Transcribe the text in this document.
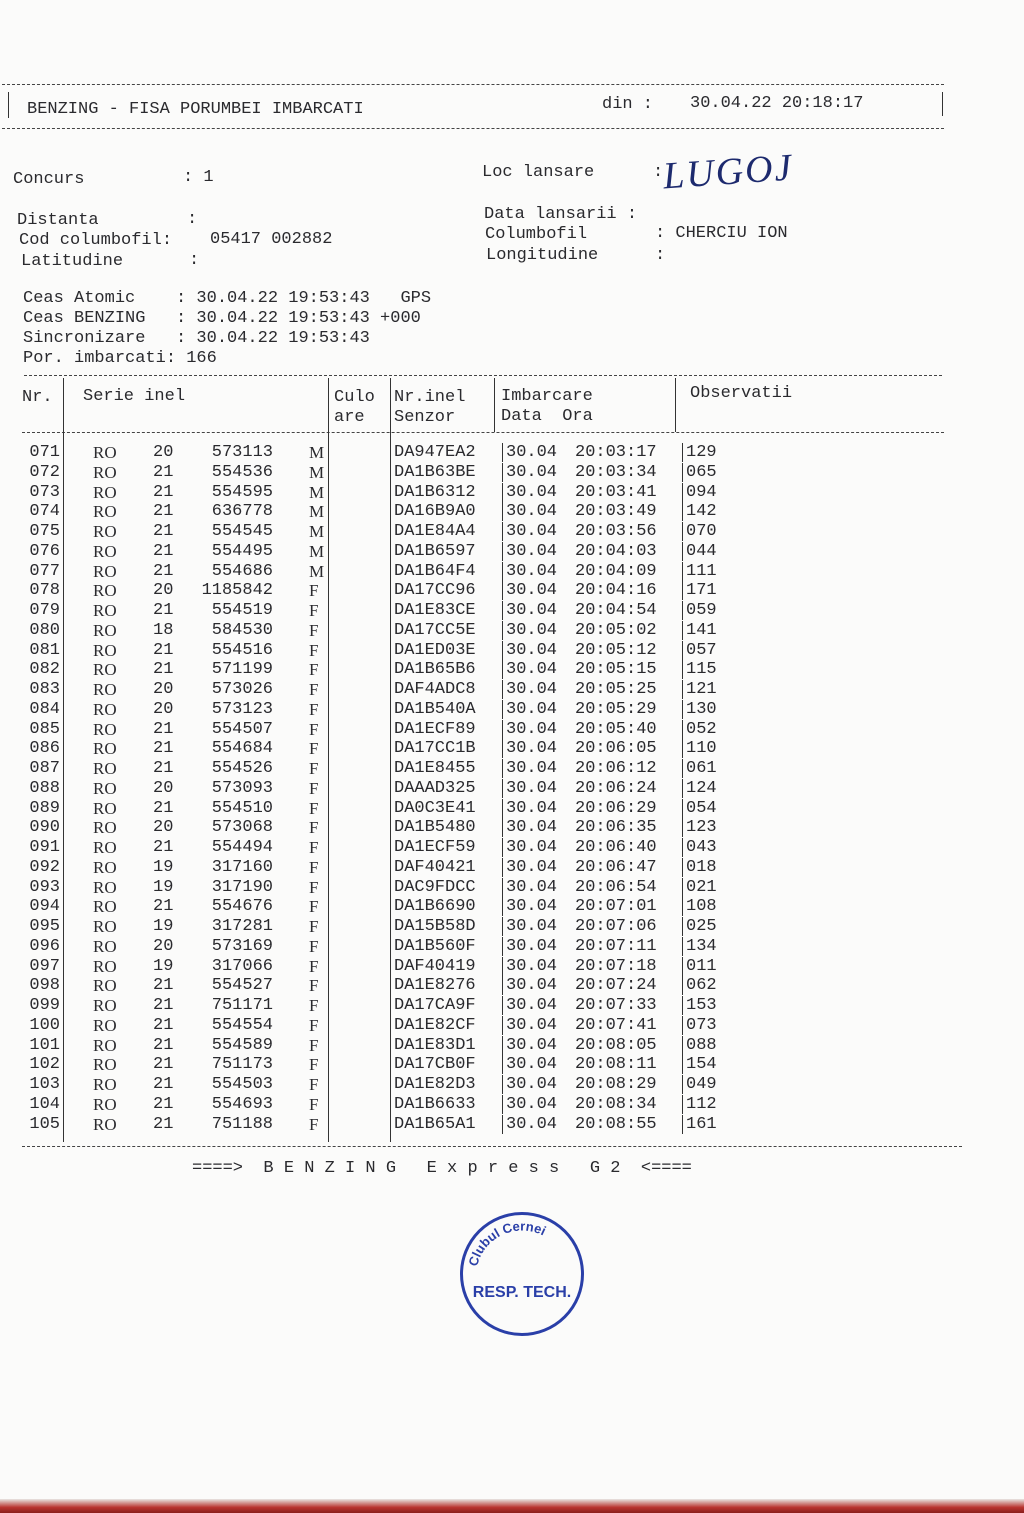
BENZING - FISA PORUMBEI IMBARCATI	din : 30.04.22 20:18:17
Concurs	: 1	Loc lansare	:
LUGOJ
Distanta	:
Cod columbofil: 05417 002882
Latitudine	:
Data lansarii :
Columbofil	: CHERCIU ION
Longitudine	:
Ceas Atomic    : 30.04.22 19:53:43   GPS
Ceas BENZING   : 30.04.22 19:53:43 +000
Sincronizare   : 30.04.22 19:53:43
Por. imbarcati: 166
Nr. Serie inel	Culo
are
Nr.inel
Senzor
Imbarcare
Data  Ora
Observatii
071 RO 20	573113 M	DA947EA2 30.04 20:03:17 129
072 RO 21	554536 M	DA1B63BE 30.04 20:03:34 065
073 RO 21	554595 M	DA1B6312 30.04 20:03:41 094
074 RO 21	636778 M	DA16B9A0 30.04 20:03:49 142
075 RO 21	554545 M	DA1E84A4 30.04 20:03:56 070
076 RO 21	554495 M	DA1B6597 30.04 20:04:03 044
077 RO 21	554686 M	DA1B64F4 30.04 20:04:09 111
078 RO 20	1185842 F	DA17CC96 30.04 20:04:16 171
079 RO 21	554519 F	DA1E83CE 30.04 20:04:54 059
080 RO 18	584530 F	DA17CC5E 30.04 20:05:02 141
081 RO 21	554516 F	DA1ED03E 30.04 20:05:12 057
082 RO 21	571199 F	DA1B65B6 30.04 20:05:15 115
083 RO 20	573026 F	DAF4ADC8 30.04 20:05:25 121
084 RO 20	573123 F	DA1B540A 30.04 20:05:29 130
085 RO 21	554507 F	DA1ECF89 30.04 20:05:40 052
086 RO 21	554684 F	DA17CC1B 30.04 20:06:05 110
087 RO 21	554526 F	DA1E8455 30.04 20:06:12 061
088 RO 20	573093 F	DAAAD325 30.04 20:06:24 124
089 RO 21	554510 F	DA0C3E41 30.04 20:06:29 054
090 RO 20	573068 F	DA1B5480 30.04 20:06:35 123
091 RO 21	554494 F	DA1ECF59 30.04 20:06:40 043
092 RO 19	317160 F	DAF40421 30.04 20:06:47 018
093 RO 19	317190 F	DAC9FDCC 30.04 20:06:54 021
094 RO 21	554676 F	DA1B6690 30.04 20:07:01 108
095 RO 19	317281 F	DA15B58D 30.04 20:07:06 025
096 RO 20	573169 F	DA1B560F 30.04 20:07:11 134
097 RO 19	317066 F	DAF40419 30.04 20:07:18 011
098 RO 21	554527 F	DA1E8276 30.04 20:07:24 062
099 RO 21	751171 F	DA17CA9F 30.04 20:07:33 153
100 RO 21	554554 F	DA1E82CF 30.04 20:07:41 073
101 RO 21	554589 F	DA1E83D1 30.04 20:08:05 088
102 RO 21	751173 F	DA17CB0F 30.04 20:08:11 154
103 RO 21	554503 F	DA1E82D3 30.04 20:08:29 049
104 RO 21	554693 F	DA1B6633 30.04 20:08:34 112
105 RO 21	751188 F	DA1B65A1 30.04 20:08:55 161
====>  B E N Z I N G   E x p r e s s   G 2  <====
Clubul Cernei
RESP. TECH.
